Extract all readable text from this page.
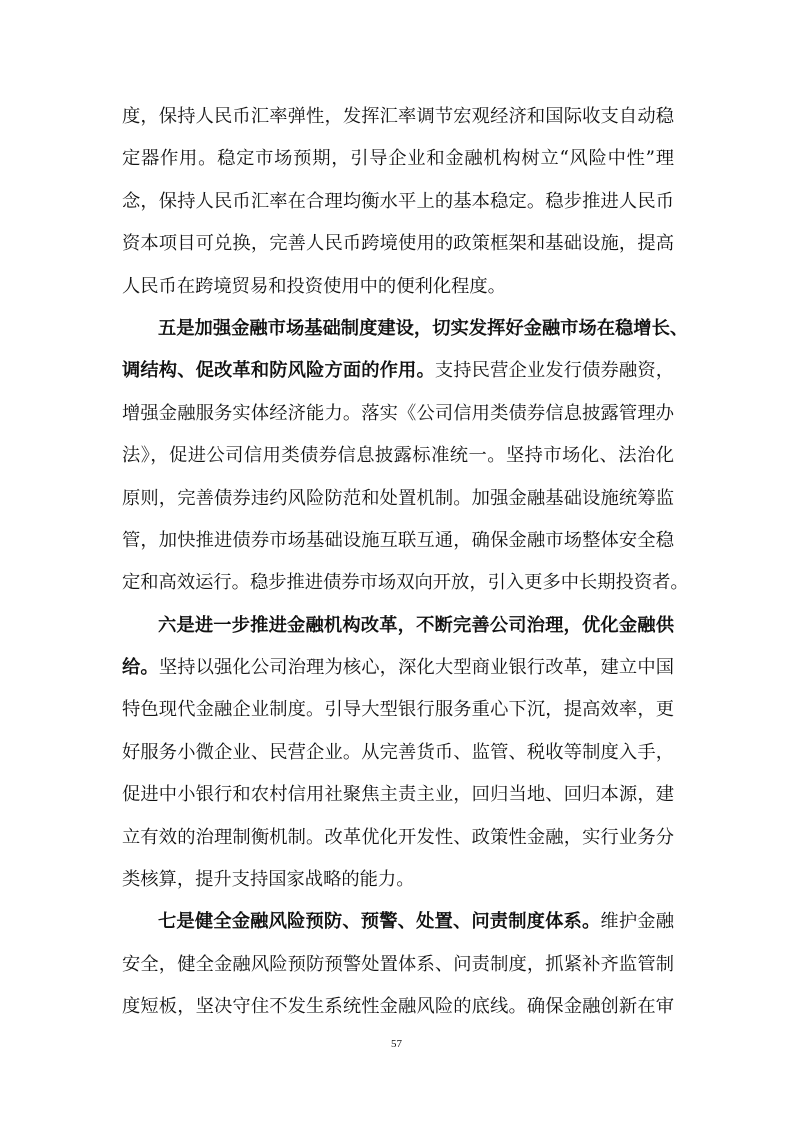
度，保持人民币汇率弹性，发挥汇率调节宏观经济和国际收支自动稳
定器作用。稳定市场预期，引导企业和金融机构树立“风险中性”理
念，保持人民币汇率在合理均衡水平上的基本稳定。稳步推进人民币
资本项目可兑换，完善人民币跨境使用的政策框架和基础设施，提高
人民币在跨境贸易和投资使用中的便利化程度。
五是加强金融市场基础制度建设，切实发挥好金融市场在稳增长、
调结构、促改革和防风险方面的作用。支持民营企业发行债券融资，
增强金融服务实体经济能力。落实《公司信用类债券信息披露管理办
法》，促进公司信用类债券信息披露标准统一。坚持市场化、法治化
原则，完善债券违约风险防范和处置机制。加强金融基础设施统筹监
管，加快推进债券市场基础设施互联互通，确保金融市场整体安全稳
定和高效运行。稳步推进债券市场双向开放，引入更多中长期投资者。
六是进一步推进金融机构改革，不断完善公司治理，优化金融供
给。坚持以强化公司治理为核心，深化大型商业银行改革，建立中国
特色现代金融企业制度。引导大型银行服务重心下沉，提高效率，更
好服务小微企业、民营企业。从完善货币、监管、税收等制度入手，
促进中小银行和农村信用社聚焦主责主业，回归当地、回归本源，建
立有效的治理制衡机制。改革优化开发性、政策性金融，实行业务分
类核算，提升支持国家战略的能力。
七是健全金融风险预防、预警、处置、问责制度体系。维护金融
安全，健全金融风险预防预警处置体系、问责制度，抓紧补齐监管制
度短板，坚决守住不发生系统性金融风险的底线。确保金融创新在审
57
